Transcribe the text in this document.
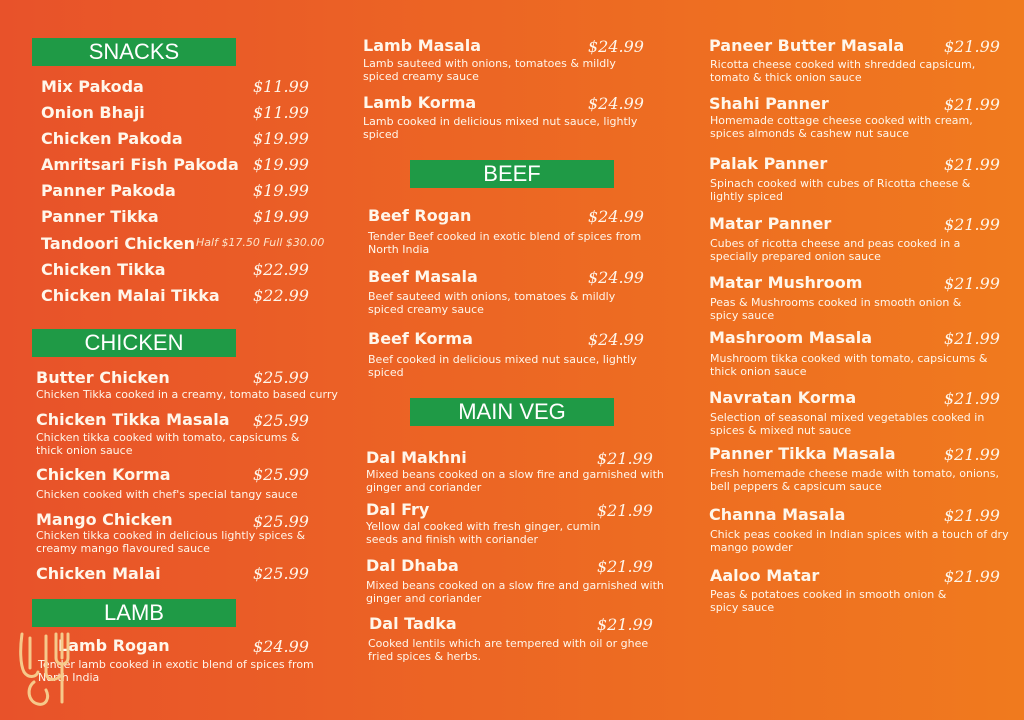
SNACKS
Mix Pakoda	$11.99
Onion Bhaji	$11.99
Chicken Pakoda	$19.99
Amritsari Fish Pakoda $19.99
Panner Pakoda	$19.99
Panner Tikka	$19.99
Tandoori Chicken Half $17.50 Full $30.00
Chicken Tikka	$22.99
Chicken Malai Tikka $22.99
CHICKEN
Butter Chicken	$25.99
Chicken Tikka cooked in a creamy, tomato based curry
Chicken Tikka Masala $25.99
Chicken tikka cooked with tomato, capsicums & thick onion sauce
Chicken Korma	$25.99
Chicken cooked with chef's special tangy sauce
Mango Chicken	$25.99
Chicken tikka cooked in delicious lightly spices & creamy mango flavoured sauce
Chicken Malai	$25.99
LAMB
Lamb Rogan	$24.99
Tender lamb cooked in exotic blend of spices from North India
Lamb Masala	$24.99
Lamb sauteed with onions, tomatoes & mildly spiced creamy sauce
Lamb Korma	$24.99
Lamb cooked in delicious mixed nut sauce, lightly spiced
BEEF
Beef Rogan	$24.99
Tender Beef cooked in exotic blend of spices from North India
Beef Masala	$24.99
Beef sauteed with onions, tomatoes & mildly spiced creamy sauce
Beef Korma	$24.99
Beef cooked in delicious mixed nut sauce, lightly spiced
MAIN VEG
Dal Makhni	$21.99
Mixed beans cooked on a slow fire and garnished with ginger and coriander
Dal Fry	$21.99
Yellow dal cooked with fresh ginger, cumin seeds and finish with coriander
Dal Dhaba	$21.99
Mixed beans cooked on a slow fire and garnished with ginger and coriander
Dal Tadka	$21.99
Cooked lentils which are tempered with oil or ghee fried spices & herbs.
Paneer Butter Masala $21.99
Ricotta cheese cooked with shredded capsicum, tomato & thick onion sauce
Shahi Panner	$21.99
Homemade cottage cheese cooked with cream, spices almonds & cashew nut sauce
Palak Panner	$21.99
Spinach cooked with cubes of Ricotta cheese & lightly spiced
Matar Panner	$21.99
Cubes of ricotta cheese and peas cooked in a specially prepared onion sauce
Matar Mushroom	$21.99
Peas & Mushrooms cooked in smooth onion & spicy sauce
Mashroom Masala	$21.99
Mushroom tikka cooked with tomato, capsicums & thick onion sauce
Navratan Korma	$21.99
Selection of seasonal mixed vegetables cooked in spices & mixed nut sauce
Panner Tikka Masala	$21.99
Fresh homemade cheese made with tomato, onions, bell peppers & capsicum sauce
Channa Masala	$21.99
Chick peas cooked in Indian spices with a touch of dry mango powder
Aaloo Matar	$21.99
Peas & potatoes cooked in smooth onion & spicy sauce
